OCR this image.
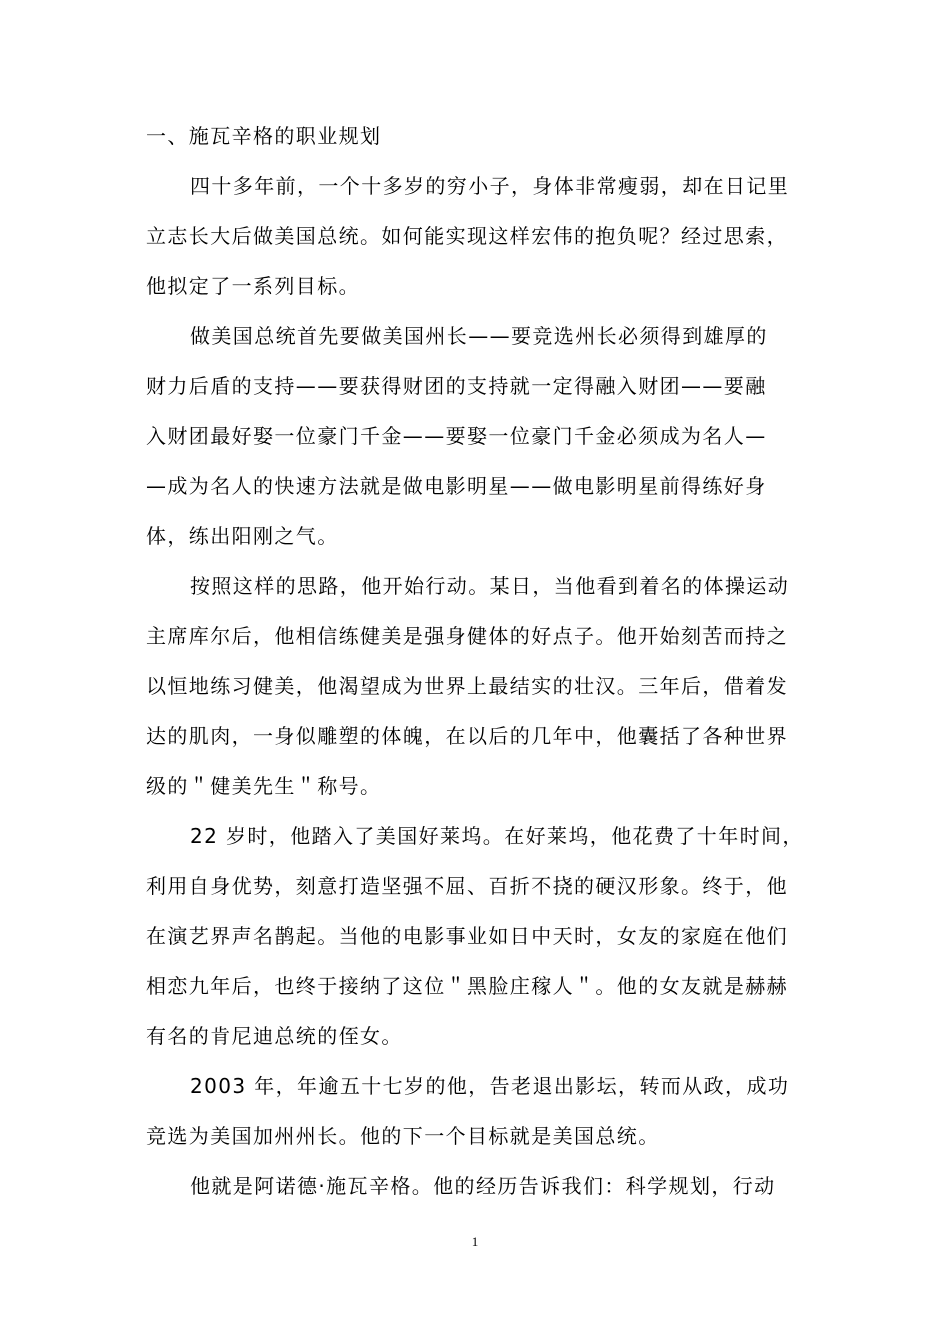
一、施瓦辛格的职业规划
四十多年前，一个十多岁的穷小子，身体非常瘦弱，却在日记里
立志长大后做美国总统。如何能实现这样宏伟的抱负呢？经过思索，
他拟定了一系列目标。
做美国总统首先要做美国州长——要竞选州长必须得到雄厚的
财力后盾的支持——要获得财团的支持就一定得融入财团——要融
入财团最好娶一位豪门千金——要娶一位豪门千金必须成为名人—
—成为名人的快速方法就是做电影明星——做电影明星前得练好身
体，练出阳刚之气。
按照这样的思路，他开始行动。某日，当他看到着名的体操运动
主席库尔后，他相信练健美是强身健体的好点子。他开始刻苦而持之
以恒地练习健美，他渴望成为世界上最结实的壮汉。三年后，借着发
达的肌肉，一身似雕塑的体魄，在以后的几年中，他囊括了各种世界
级的＂健美先生＂称号。
22 岁时，他踏入了美国好莱坞。在好莱坞，他花费了十年时间，
利用自身优势，刻意打造坚强不屈、百折不挠的硬汉形象。终于，他
在演艺界声名鹊起。当他的电影事业如日中天时，女友的家庭在他们
相恋九年后，也终于接纳了这位＂黑脸庄稼人＂。他的女友就是赫赫
有名的肯尼迪总统的侄女。
2003 年，年逾五十七岁的他，告老退出影坛，转而从政，成功
竞选为美国加州州长。他的下一个目标就是美国总统。
他就是阿诺德·施瓦辛格。他的经历告诉我们：科学规划，行动
1
